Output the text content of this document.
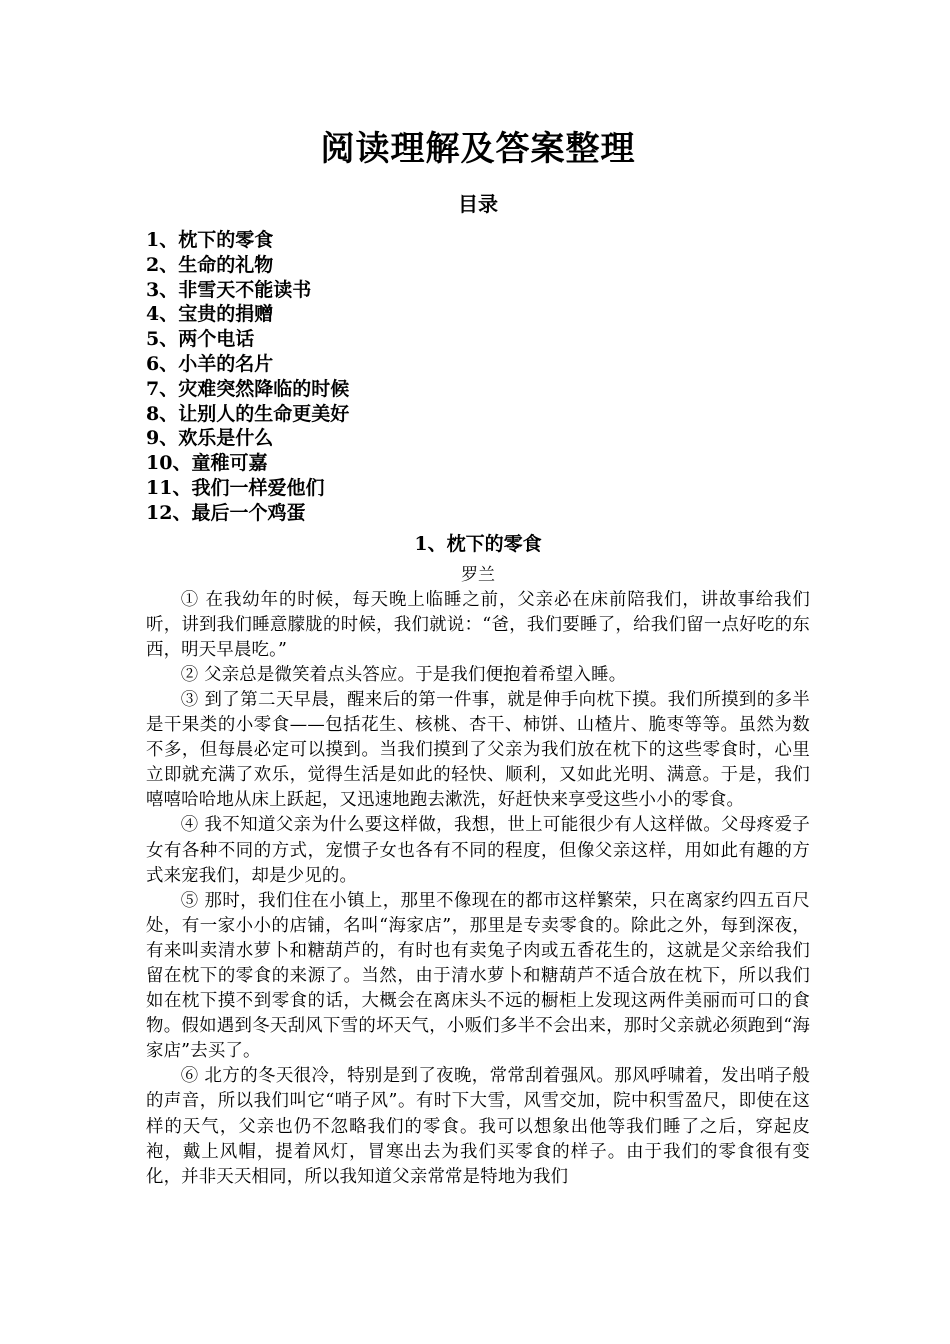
阅读理解及答案整理
目录
1、枕下的零食
2、生命的礼物
3、非雪天不能读书
4、宝贵的捐赠
5、两个电话
6、小羊的名片
7、灾难突然降临的时候
8、让别人的生命更美好
9、欢乐是什么
10、童稚可嘉
11、我们一样爱他们
12、最后一个鸡蛋
1、枕下的零食
罗兰

① 在我幼年的时候，每天晚上临睡之前，父亲必在床前陪我们，讲故事给我们听，讲到我们睡意朦胧的时候，我们就说：“爸，我们要睡了，给我们留一点好吃的东西，明天早晨吃。”

② 父亲总是微笑着点头答应。于是我们便抱着希望入睡。

③ 到了第二天早晨，醒来后的第一件事，就是伸手向枕下摸。我们所摸到的多半是干果类的小零食——包括花生、核桃、杏干、柿饼、山楂片、脆枣等等。虽然为数不多，但每晨必定可以摸到。当我们摸到了父亲为我们放在枕下的这些零食时，心里立即就充满了欢乐，觉得生活是如此的轻快、顺利，又如此光明、满意。于是，我们嘻嘻哈哈地从床上跃起，又迅速地跑去漱洗，好赶快来享受这些小小的零食。

④ 我不知道父亲为什么要这样做，我想，世上可能很少有人这样做。父母疼爱子女有各种不同的方式，宠惯子女也各有不同的程度，但像父亲这样，用如此有趣的方式来宠我们，却是少见的。

⑤ 那时，我们住在小镇上，那里不像现在的都市这样繁荣，只在离家约四五百尺处，有一家小小的店铺，名叫“海家店”，那里是专卖零食的。除此之外，每到深夜，有来叫卖清水萝卜和糖葫芦的，有时也有卖兔子肉或五香花生的，这就是父亲给我们留在枕下的零食的来源了。当然，由于清水萝卜和糖葫芦不适合放在枕下，所以我们如在枕下摸不到零食的话，大概会在离床头不远的橱柜上发现这两件美丽而可口的食物。假如遇到冬天刮风下雪的坏天气，小贩们多半不会出来，那时父亲就必须跑到“海家店”去买了。

⑥ 北方的冬天很冷，特别是到了夜晚，常常刮着强风。那风呼啸着，发出哨子般的声音，所以我们叫它“哨子风”。有时下大雪，风雪交加，院中积雪盈尺，即使在这样的天气，父亲也仍不忽略我们的零食。我可以想象出他等我们睡了之后，穿起皮袍，戴上风帽，提着风灯，冒寒出去为我们买零食的样子。由于我们的零食很有变化，并非天天相同，所以我知道父亲常常是特地为我们
